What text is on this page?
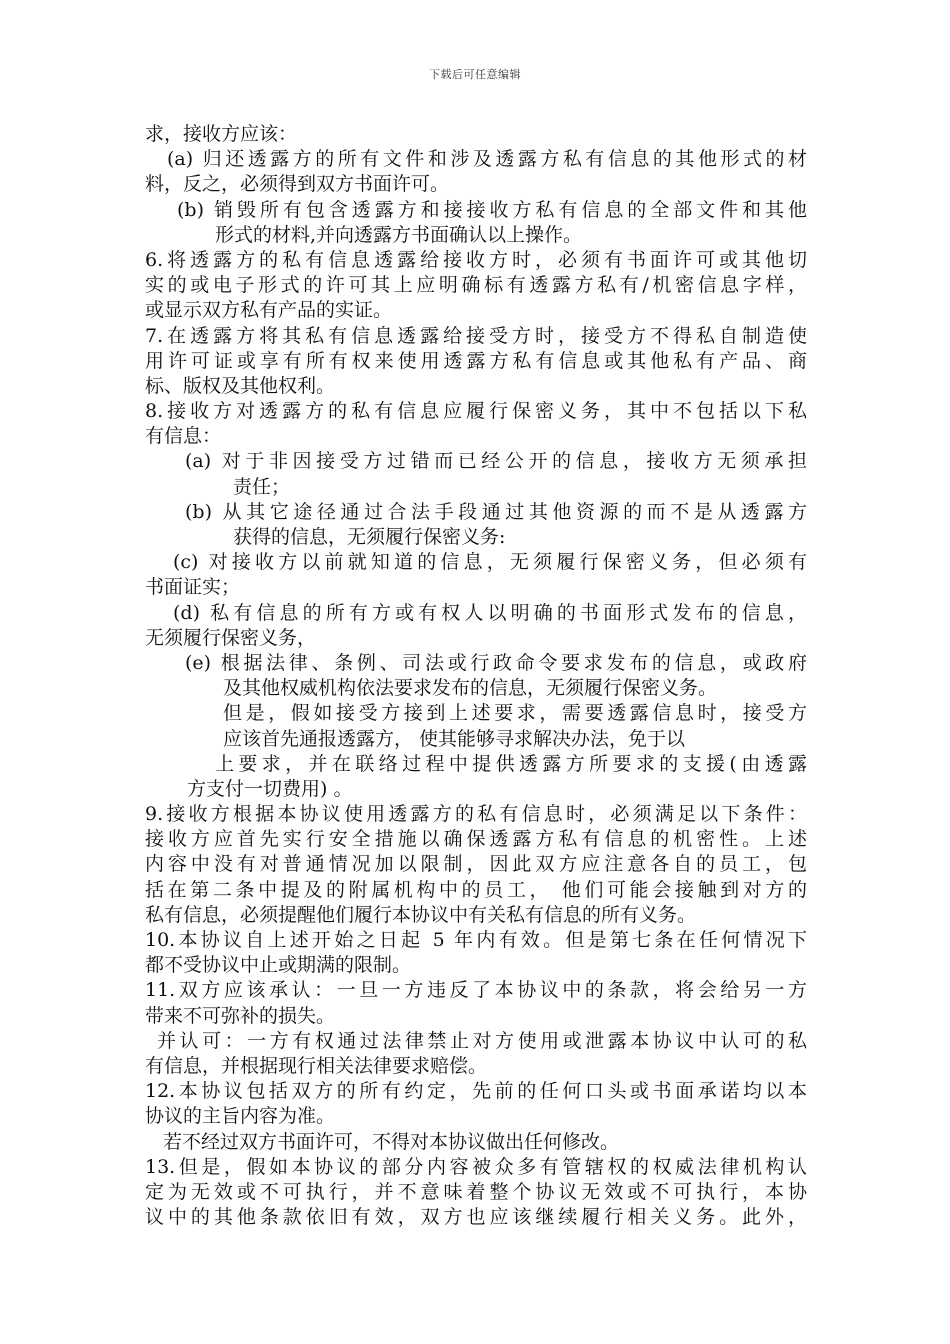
下载后可任意编辑
求，接收方应该：
(a) 归还透露方的所有文件和涉及透露方私有信息的其他形式的材
料，反之，必须得到双方书面许可。
(b) 销毁所有包含透露方和接接收方私有信息的全部文件和其他
形式的材料,并向透露方书面确认以上操作。
6.将透露方的私有信息透露给接收方时，必须有书面许可或其他切
实的或电子形式的许可其上应明确标有透露方私有/机密信息字样，
或显示双方私有产品的实证。
7.在透露方将其私有信息透露给接受方时，接受方不得私自制造使
用许可证或享有所有权来使用透露方私有信息或其他私有产品、商
标、版权及其他权利。
8.接收方对透露方的私有信息应履行保密义务，其中不包括以下私
有信息：
(a) 对于非因接受方过错而已经公开的信息，接收方无须承担
责任；
(b) 从其它途径通过合法手段通过其他资源的而不是从透露方
获得的信息，无须履行保密义务:
(c) 对接收方以前就知道的信息，无须履行保密义务，但必须有
书面证实；
(d) 私有信息的所有方或有权人以明确的书面形式发布的信息，
无须履行保密义务，
(e) 根据法律、条例、司法或行政命令要求发布的信息，或政府
及其他权威机构依法要求发布的信息，无须履行保密义务。
但是，假如接受方接到上述要求，需要透露信息时，接受方
应该首先通报透露方， 使其能够寻求解决办法，免于以
上要求，并在联络过程中提供透露方所要求的支援(由透露
方支付一切费用) 。
9.接收方根据本协议使用透露方的私有信息时，必须满足以下条件：
接收方应首先实行安全措施以确保透露方私有信息的机密性。上述
内容中没有对普通情况加以限制，因此双方应注意各自的员工，包
括在第二条中提及的附属机构中的员工， 他们可能会接触到对方的
私有信息，必须提醒他们履行本协议中有关私有信息的所有义务。
10.本协议自上述开始之日起 5 年内有效。但是第七条在任何情况下
都不受协议中止或期满的限制。
11.双方应该承认：一旦一方违反了本协议中的条款，将会给另一方
带来不可弥补的损失。
并认可：一方有权通过法律禁止对方使用或泄露本协议中认可的私
有信息，并根据现行相关法律要求赔偿。
12.本协议包括双方的所有约定，先前的任何口头或书面承诺均以本
协议的主旨内容为准。
若不经过双方书面许可，不得对本协议做出任何修改。
13.但是，假如本协议的部分内容被众多有管辖权的权威法律机构认
定为无效或不可执行，并不意味着整个协议无效或不可执行，本协
议中的其他条款依旧有效，双方也应该继续履行相关义务。此外，
